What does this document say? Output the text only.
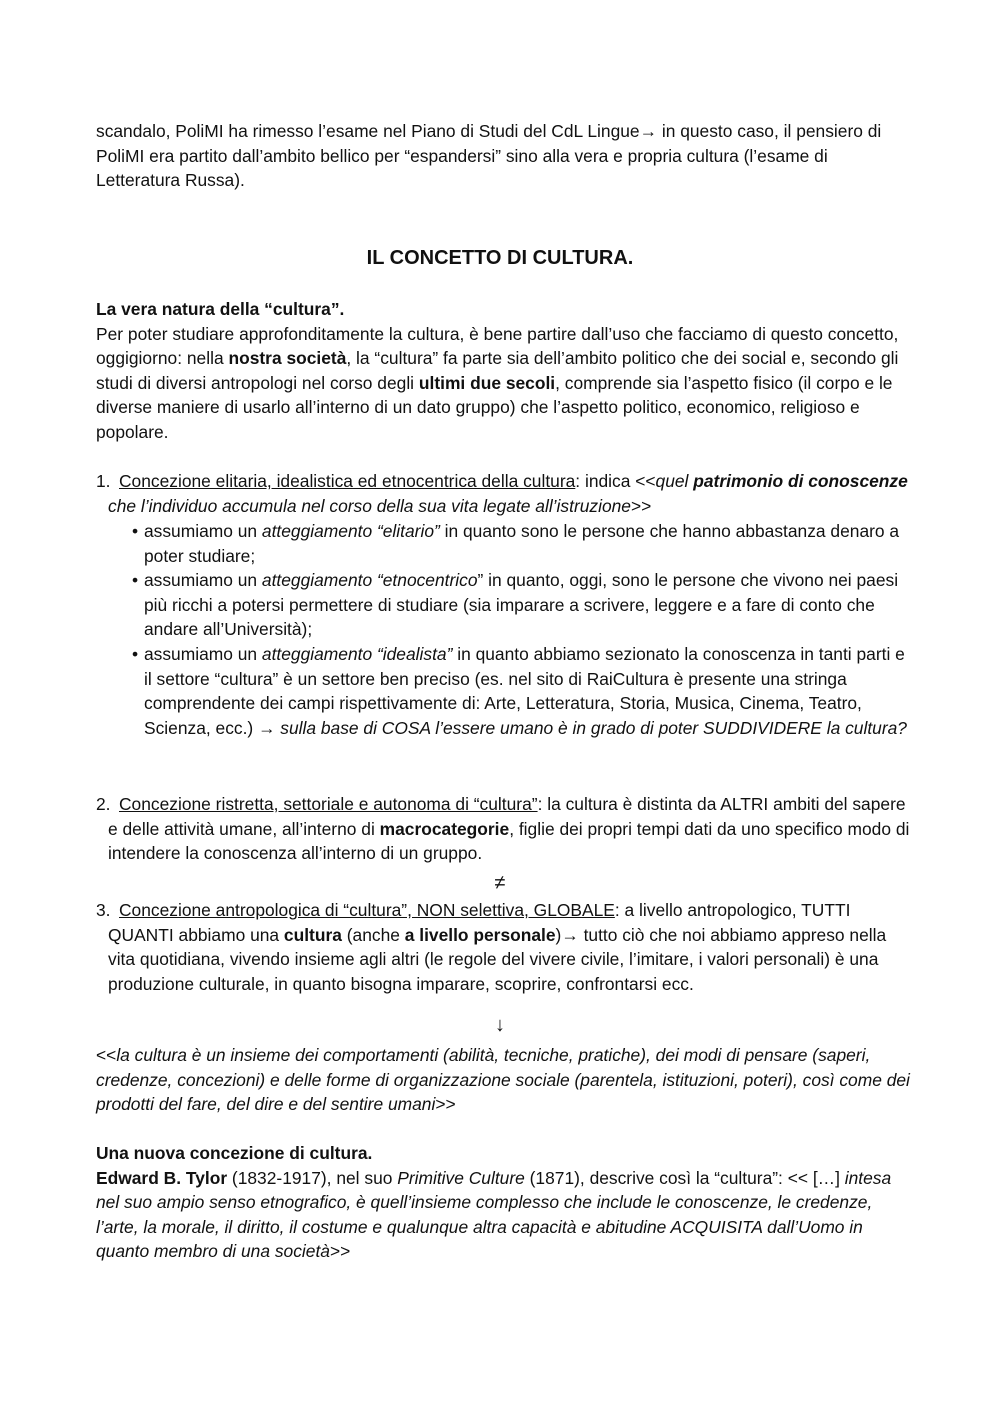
scandalo, PoliMI ha rimesso l’esame nel Piano di Studi del CdL Lingue→ in questo caso, il pensiero di PoliMI era partito dall’ambito bellico per “espandersi” sino alla vera e propria cultura (l’esame di Letteratura Russa).

IL CONCETTO DI CULTURA.

La vera natura della “cultura”.

Per poter studiare approfonditamente la cultura, è bene partire dall’uso che facciamo di questo concetto, oggigiorno: nella nostra società, la “cultura” fa parte sia dell’ambito politico che dei social e, secondo gli studi di diversi antropologi nel corso degli ultimi due secoli, comprende sia l’aspetto fisico (il corpo e le diverse maniere di usarlo all’interno di un dato gruppo) che l’aspetto politico, economico, religioso e popolare.

1. Concezione elitaria, idealistica ed etnocentrica della cultura: indica <<quel patrimonio di conoscenze che l’individuo accumula nel corso della sua vita legate all’istruzione>>
• assumiamo un atteggiamento “elitario” in quanto sono le persone che hanno abbastanza denaro a poter studiare;
• assumiamo un atteggiamento “etnocentrico” in quanto, oggi, sono le persone che vivono nei paesi più ricchi a potersi permettere di studiare (sia imparare a scrivere, leggere e a fare di conto che andare all’Università);
• assumiamo un atteggiamento “idealista” in quanto abbiamo sezionato la conoscenza in tanti parti e il settore “cultura” è un settore ben preciso (es. nel sito di RaiCultura è presente una stringa comprendente dei campi rispettivamente di: Arte, Letteratura, Storia, Musica, Cinema, Teatro, Scienza, ecc.) → sulla base di COSA l’essere umano è in grado di poter SUDDIVIDERE la cultura?
2. Concezione ristretta, settoriale e autonoma di “cultura”: la cultura è distinta da ALTRI ambiti del sapere e delle attività umane, all’interno di macrocategorie, figlie dei propri tempi dati da uno specifico modo di intendere la conoscenza all’interno di un gruppo.
≠
3. Concezione antropologica di “cultura”, NON selettiva, GLOBALE: a livello antropologico, TUTTI QUANTI abbiamo una cultura (anche a livello personale)→ tutto ciò che noi abbiamo appreso nella vita quotidiana, vivendo insieme agli altri (le regole del vivere civile, l’imitare, i valori personali) è una produzione culturale, in quanto bisogna imparare, scoprire, confrontarsi ecc.
↓

<<la cultura è un insieme dei comportamenti (abilità, tecniche, pratiche), dei modi di pensare (saperi, credenze, concezioni) e delle forme di organizzazione sociale (parentela, istituzioni, poteri), così come dei prodotti del fare, del dire e del sentire umani>>

Una nuova concezione di cultura.

Edward B. Tylor (1832-1917), nel suo Primitive Culture (1871), descrive così la “cultura”: << […] intesa nel suo ampio senso etnografico, è quell’insieme complesso che include le conoscenze, le credenze, l’arte, la morale, il diritto, il costume e qualunque altra capacità e abitudine ACQUISITA dall’Uomo in quanto membro di una società>>
